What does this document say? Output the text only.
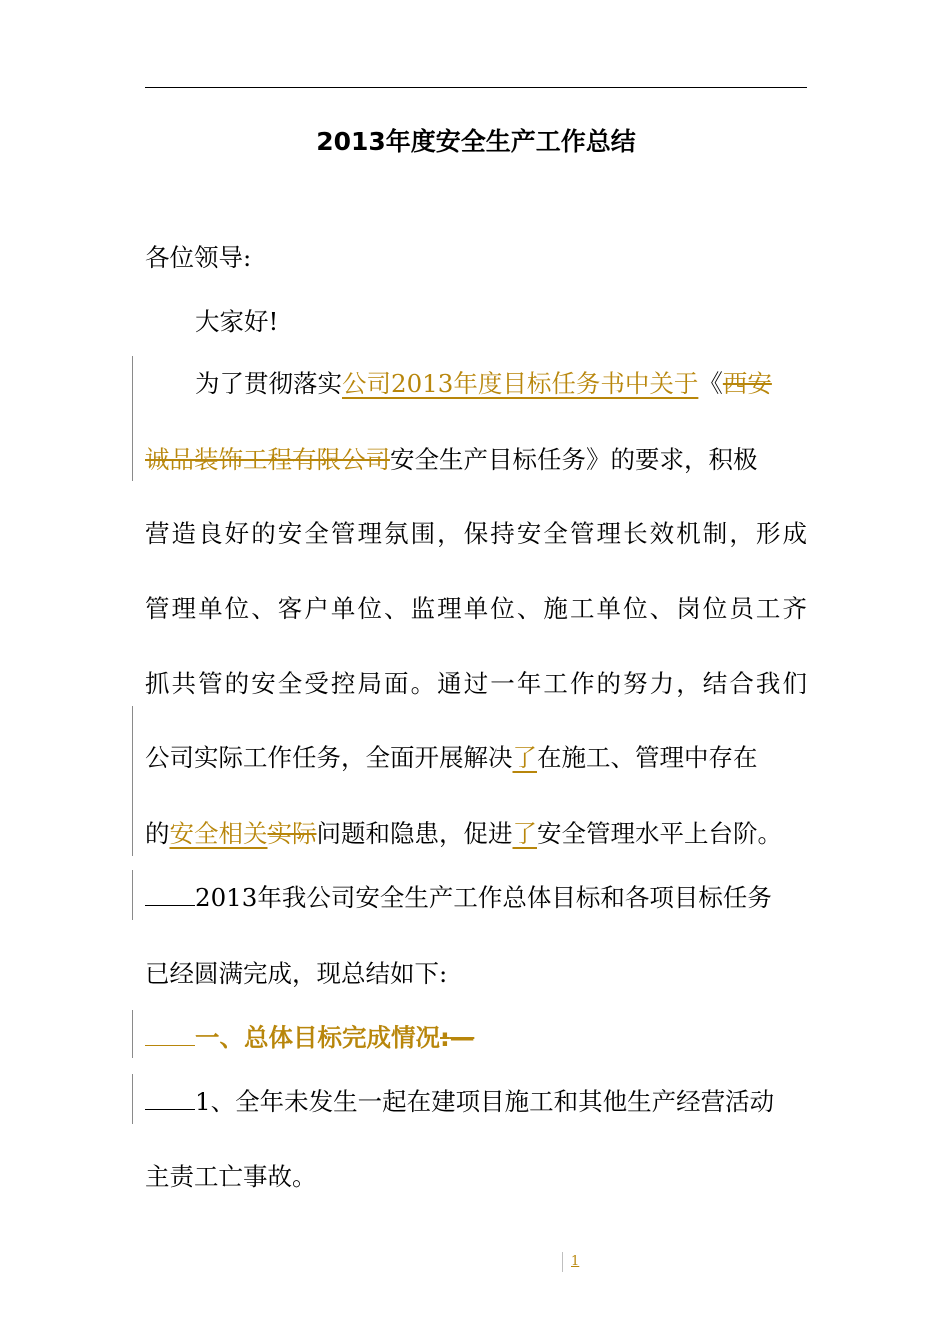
2013年度安全生产工作总结
各位领导:
大家好!
为了贯彻落实公司2013年度目标任务书中关于《西安
诚品装饰工程有限公司安全生产目标任务》的要求，积极
营造良好的安全管理氛围，保持安全管理长效机制，形成
管理单位、客户单位、监理单位、施工单位、岗位员工齐
抓共管的安全受控局面。通过一年工作的努力，结合我们
公司实际工作任务，全面开展解决了在施工、管理中存在
的安全相关实际问题和隐患，促进了安全管理水平上台阶。
2013年我公司安全生产工作总体目标和各项目标任务
已经圆满完成，现总结如下:
一、总体目标完成情况:—
1、全年未发生一起在建项目施工和其他生产经营活动
主责工亡事故。
1
